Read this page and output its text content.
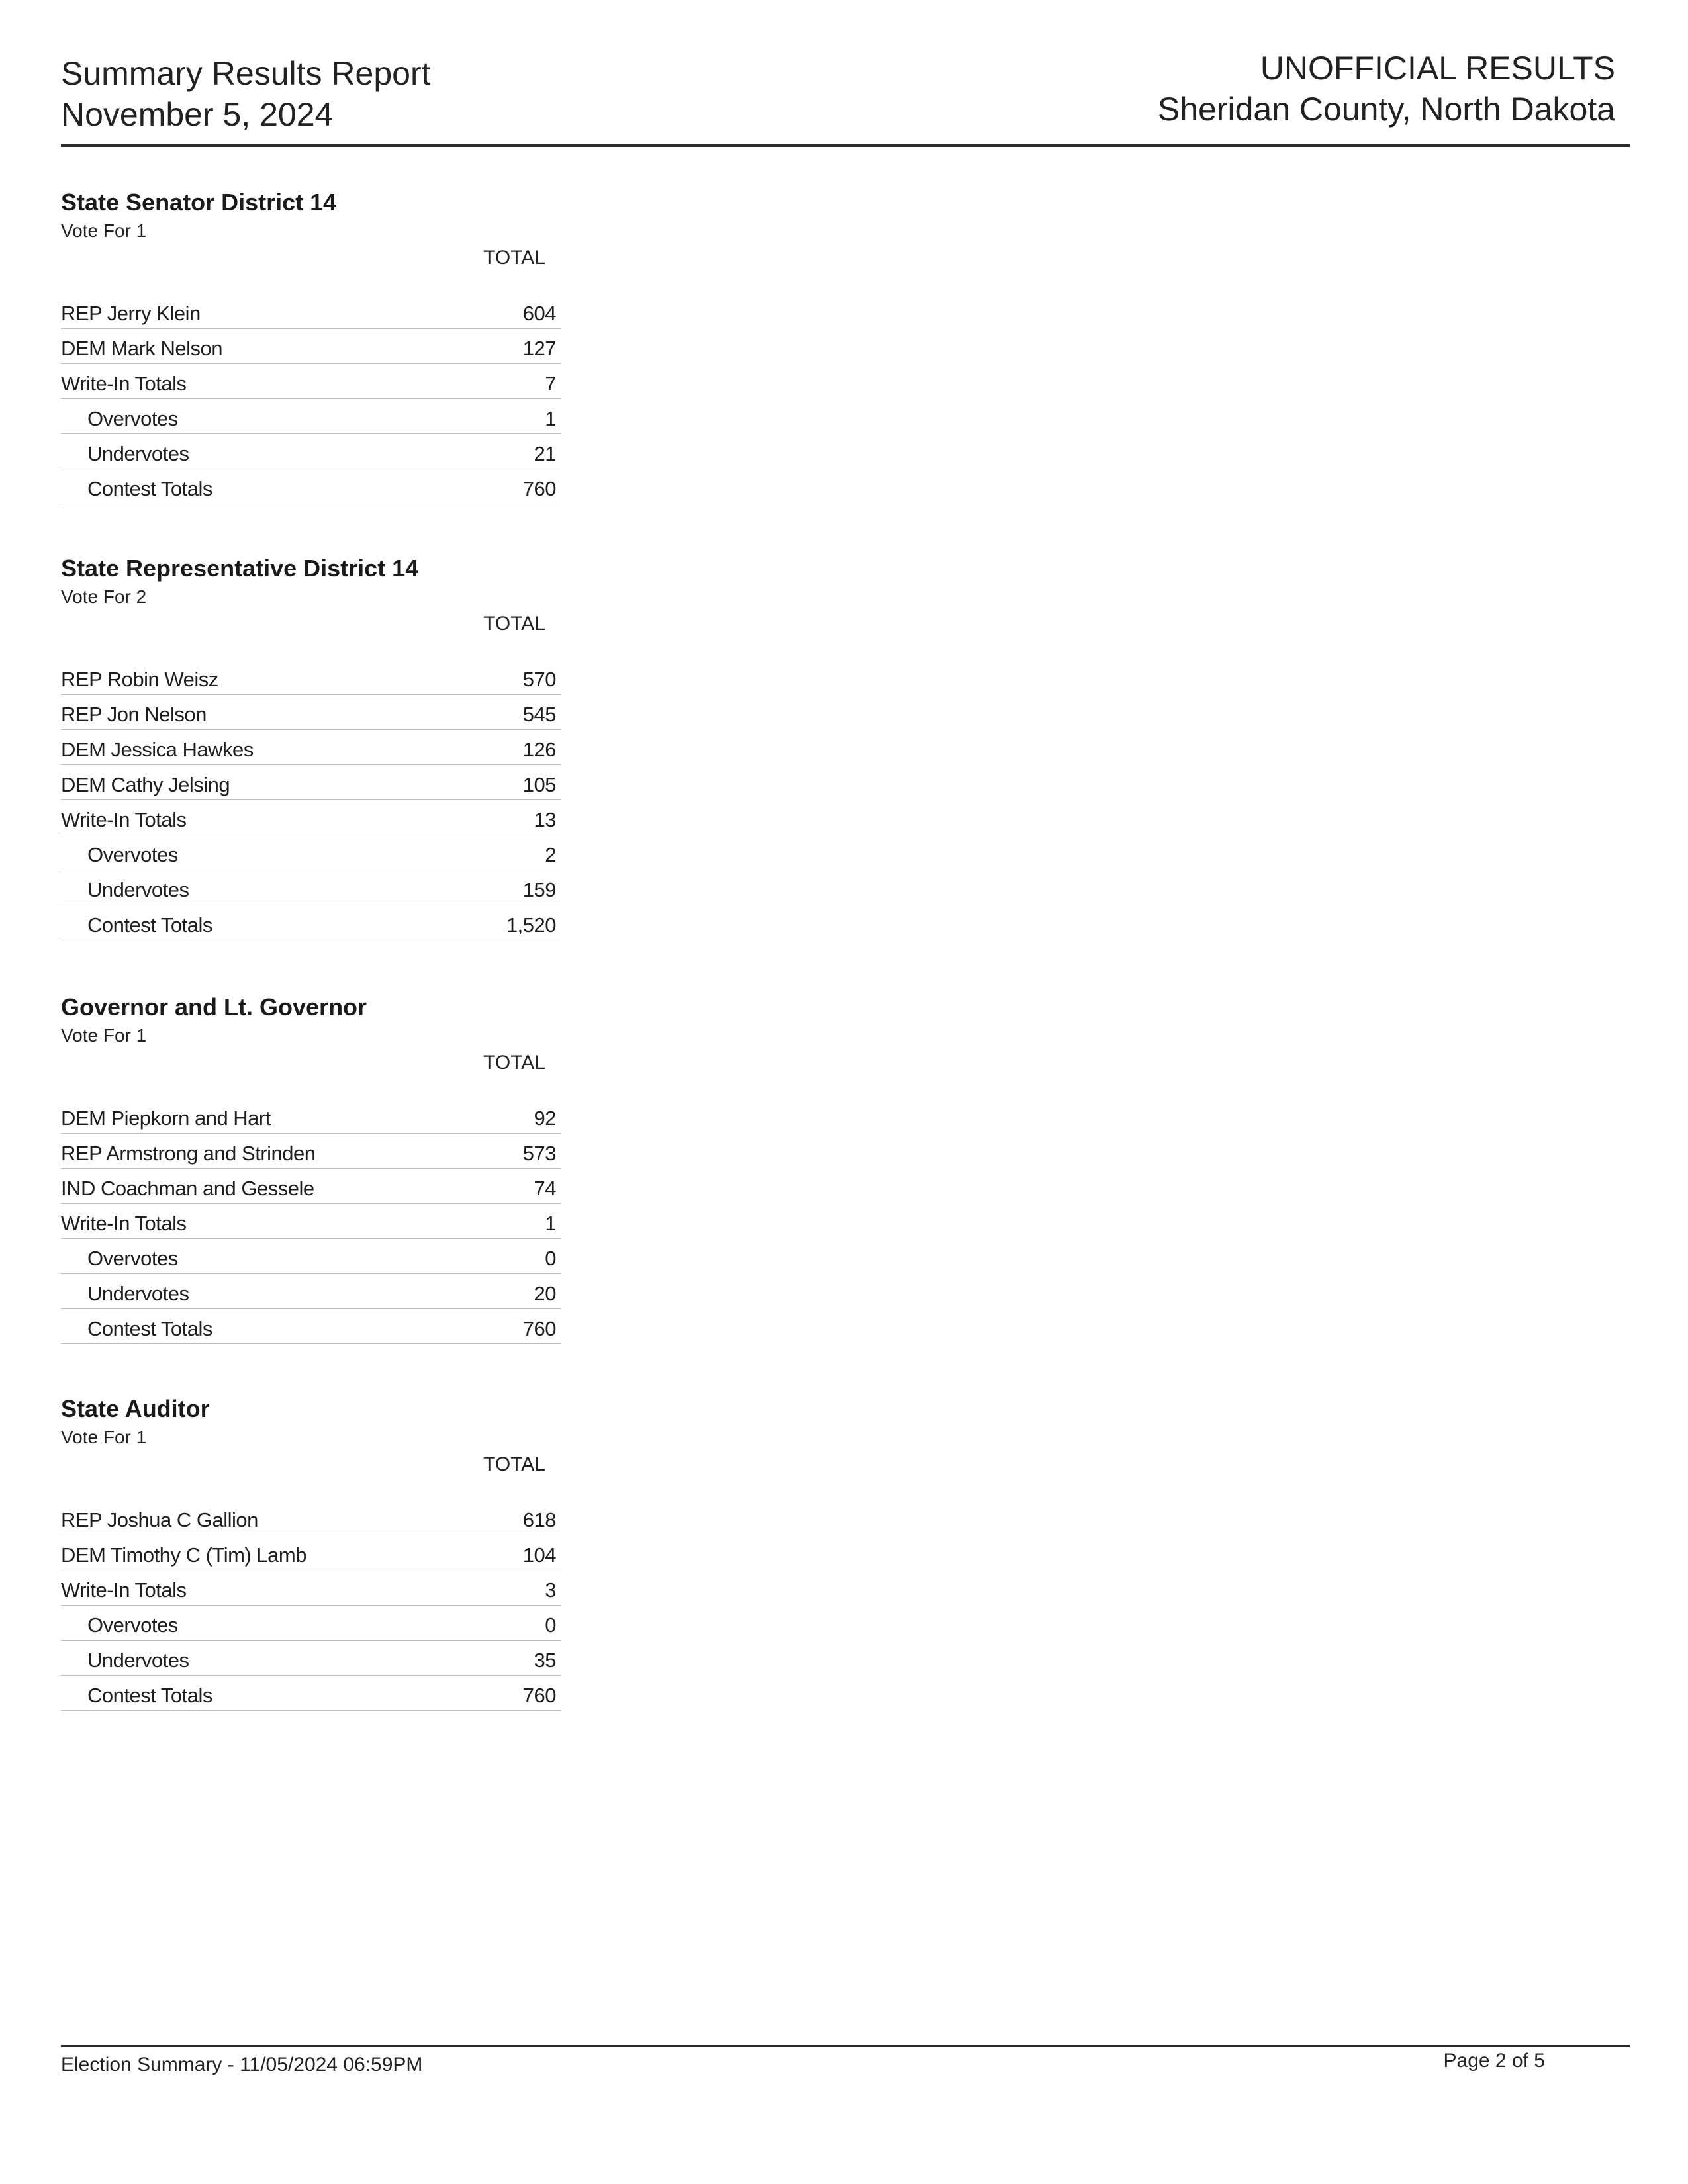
Summary Results Report
November 5, 2024
UNOFFICIAL RESULTS
Sheridan County, North Dakota
State Senator District 14
Vote For 1
TOTAL
REP Jerry Klein	604
DEM Mark Nelson	127
Write-In Totals	7
Overvotes	1
Undervotes	21
Contest Totals	760
State Representative District 14
Vote For 2
TOTAL
REP Robin Weisz	570
REP Jon Nelson	545
DEM Jessica Hawkes	126
DEM Cathy Jelsing	105
Write-In Totals	13
Overvotes	2
Undervotes	159
Contest Totals	1,520
Governor and Lt. Governor
Vote For 1
TOTAL
DEM Piepkorn and Hart	92
REP Armstrong and Strinden	573
IND Coachman and Gessele	74
Write-In Totals	1
Overvotes	0
Undervotes	20
Contest Totals	760
State Auditor
Vote For 1
TOTAL
REP Joshua C Gallion	618
DEM Timothy C (Tim) Lamb	104
Write-In Totals	3
Overvotes	0
Undervotes	35
Contest Totals	760
Election Summary - 11/05/2024 06:59PM	Page 2 of 5
